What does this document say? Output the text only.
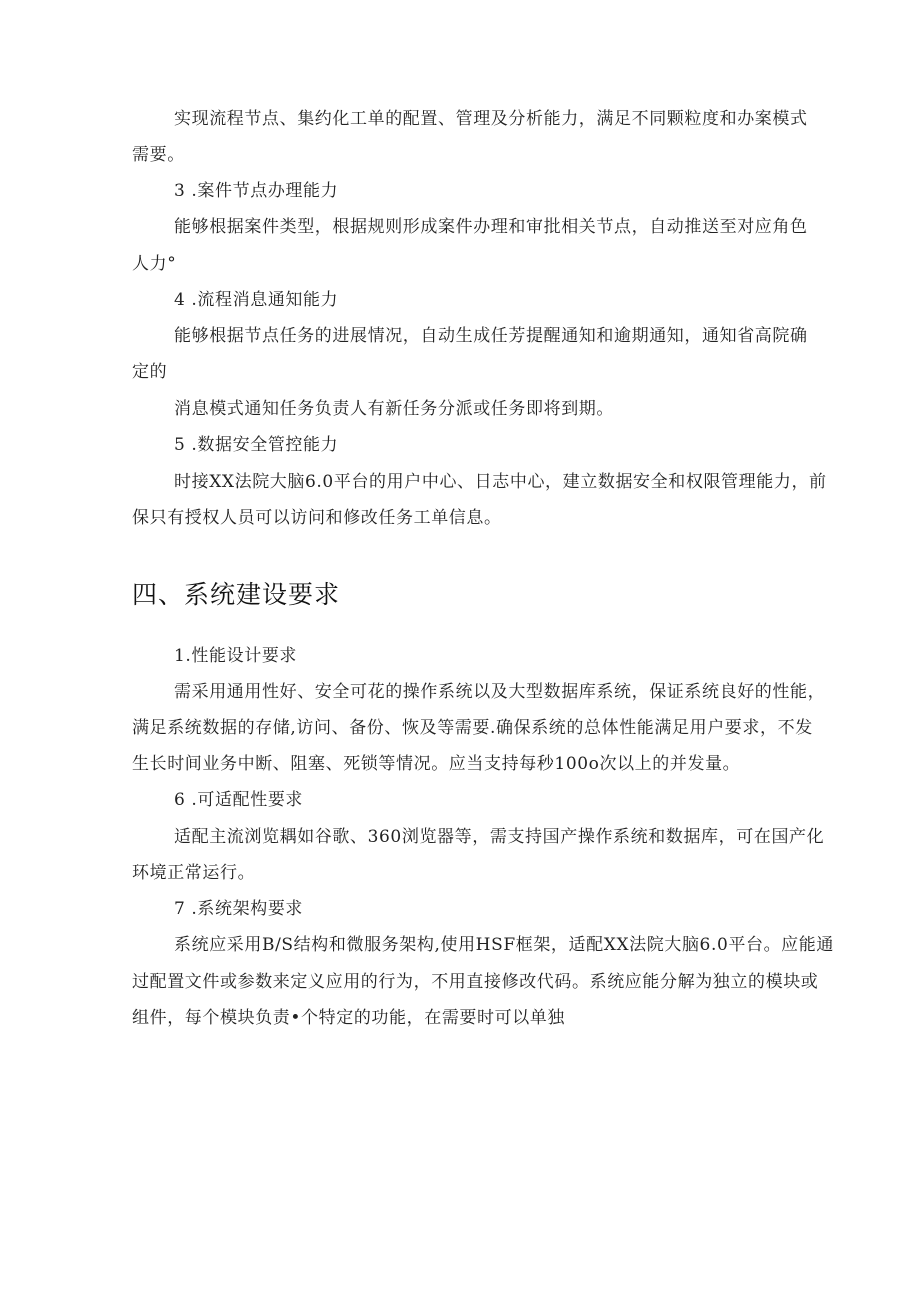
实现流程节点、集约化工单的配置、管理及分析能力，满足不同颗粒度和办案模式
需要。
3 .案件节点办理能力
能够根据案件类型，根据规则形成案件办理和审批相关节点，自动推送至对应角色
人力°
4 .流程消息通知能力
能够根据节点任务的进展情况，自动生成任芳提醒通知和逾期通知，通知省高院确
定的
消息模式通知任务负责人有新任务分派或任务即将到期。
5 .数据安全管控能力
时接XX法院大脑6.0平台的用户中心、日志中心，建立数据安全和权限管理能力，前
保只有授权人员可以访问和修改任务工单信息。
四、系统建设要求
1.性能设计要求
需采用通用性好、安全可花的操作系统以及大型数据库系统，保证系统良好的性能，
满足系统数据的存储,访问、备份、恢及等需要.确保系统的总体性能满足用户要求，不发
生长时间业务中断、阻塞、死锁等情况。应当支持每秒100o次以上的并发量。
6 .可适配性要求
适配主流浏览耦如谷歌、360浏览器等，需支持国产操作系统和数据库，可在国产化
环境正常运行。
7 .系统架构要求
系统应采用B/S结构和微服务架构,使用HSF框架，适配XX法院大脑6.0平台。应能通
过配置文件或参数来定义应用的行为，不用直接修改代码。系统应能分解为独立的模块或
组件，每个模块负责•个特定的功能，在需要时可以单独
